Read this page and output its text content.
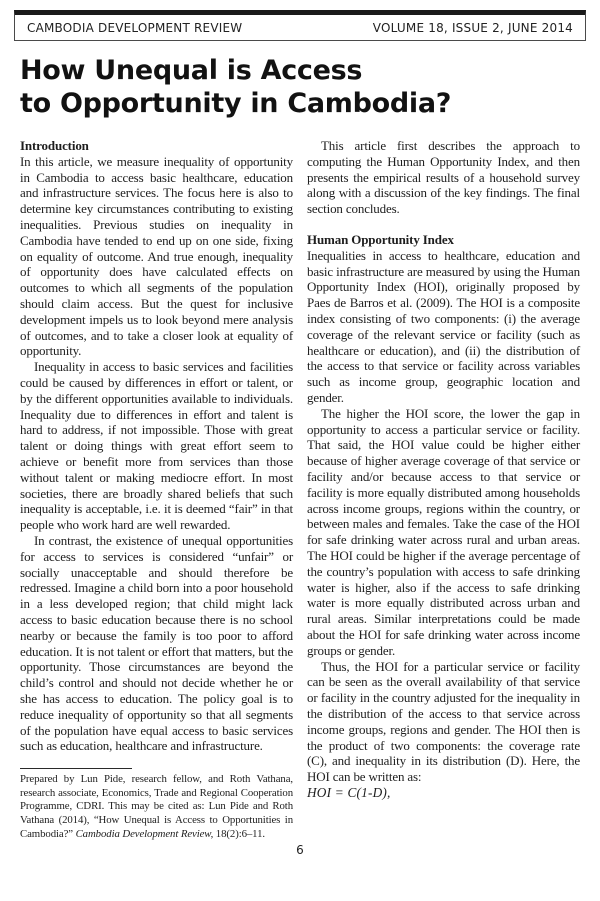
CAMBODIA DEVELOPMENT REVIEW	VOLUME 18, ISSUE 2, JUNE 2014
How Unequal is Access
to Opportunity in Cambodia?

Introduction

In this article, we measure inequality of opportunity in Cambodia to access basic healthcare, education and infrastructure services. The focus here is also to determine key circumstances contributing to existing inequalities. Previous studies on inequality in Cambodia have tended to end up on one side, fixing on equality of outcome. And true enough, inequality of opportunity does have calculated effects on outcomes to which all segments of the population should claim access. But the quest for inclusive development impels us to look beyond mere analysis of outcomes, and to take a closer look at equality of opportunity.

Inequality in access to basic services and facilities could be caused by differences in effort or talent, or by the different opportunities available to individuals. Inequality due to differences in effort and talent is hard to address, if not impossible. Those with great talent or doing things with great effort seem to achieve or benefit more from services than those without talent or making mediocre effort. In most societies, there are broadly shared beliefs that such inequality is acceptable, i.e. it is deemed “fair” in that people who work hard are well rewarded.

In contrast, the existence of unequal opportunities for access to services is considered “unfair” or socially unacceptable and should therefore be redressed. Imagine a child born into a poor household in a less developed region; that child might lack access to basic education because there is no school nearby or because the family is too poor to afford education. It is not talent or effort that matters, but the opportunity. Those circumstances are beyond the child’s control and should not decide whether he or she has access to education. The policy goal is to reduce inequality of opportunity so that all segments of the population have equal access to basic services such as education, healthcare and infrastructure.

Prepared by Lun Pide, research fellow, and Roth Vathana, research associate, Economics, Trade and Regional Cooperation Programme, CDRI. This may be cited as: Lun Pide and Roth Vathana (2014), “How Unequal is Access to Opportunities in Cambodia?” Cambodia Development Review, 18(2):6–11.

This article first describes the approach to computing the Human Opportunity Index, and then presents the empirical results of a household survey along with a discussion of the key findings. The final section concludes.

Human Opportunity Index

Inequalities in access to healthcare, education and basic infrastructure are measured by using the Human Opportunity Index (HOI), originally proposed by Paes de Barros et al. (2009). The HOI is a composite index consisting of two components: (i) the average coverage of the relevant service or facility (such as healthcare or education), and (ii) the distribution of the access to that service or facility across variables such as income group, geographic location and gender.

The higher the HOI score, the lower the gap in opportunity to access a particular service or facility. That said, the HOI value could be higher either because of higher average coverage of that service or facility and/or because access to that service or facility is more equally distributed among households across income groups, regions within the country, or between males and females. Take the case of the HOI for safe drinking water across rural and urban areas. The HOI could be higher if the average percentage of the country’s population with access to safe drinking water is higher, also if the access to safe drinking water is more equally distributed across urban and rural areas. Similar interpretations could be made about the HOI for safe drinking water across income groups or gender.

Thus, the HOI for a particular service or facility can be seen as the overall availability of that service or facility in the country adjusted for the inequality in the distribution of the access to that service across income groups, regions and gender. The HOI then is the product of two components: the coverage rate (C), and inequality in its distribution (D). Here, the HOI can be written as:

HOI = C(1-D),

6
